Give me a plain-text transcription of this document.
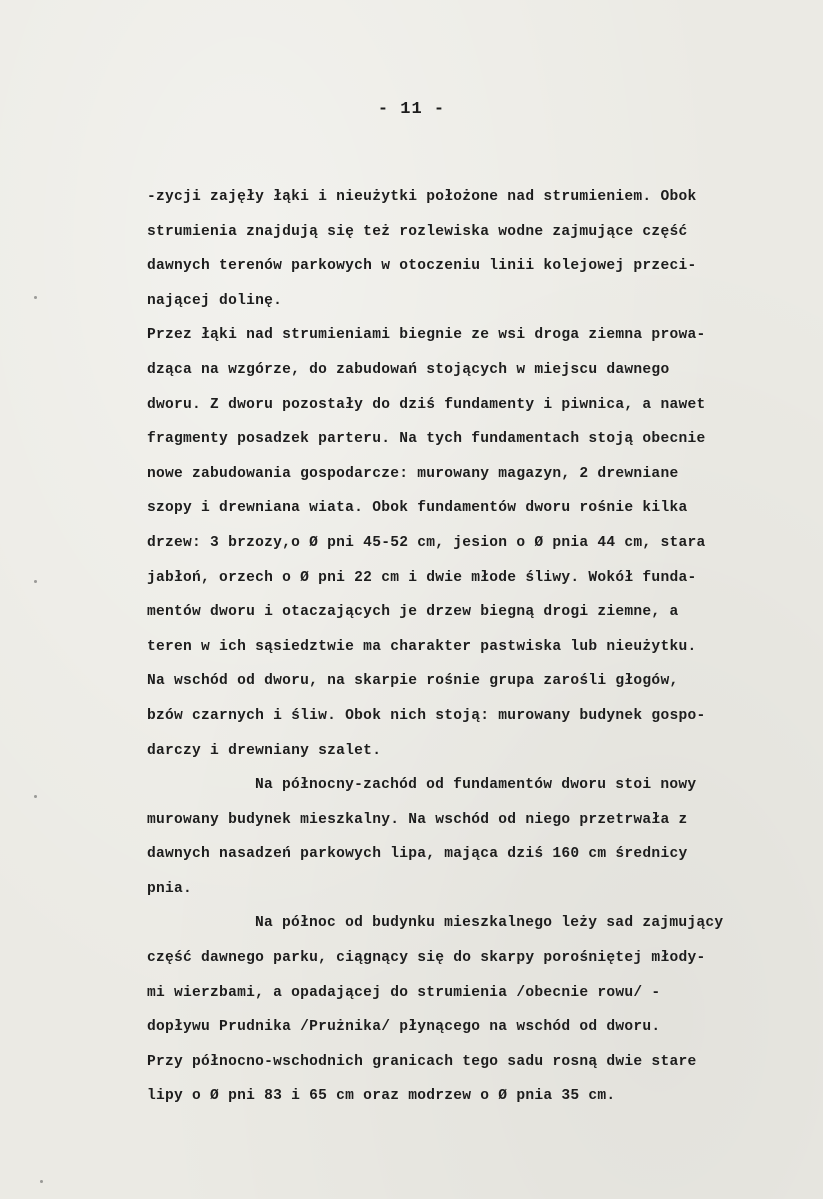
- 11 -
-zycji zajęły łąki i nieużytki położone nad strumieniem. Obok
strumienia znajdują się też rozlewiska wodne zajmujące część
dawnych terenów parkowych w otoczeniu linii kolejowej przeci-
nającej dolinę.
Przez łąki nad strumieniami biegnie ze wsi droga ziemna prowa-
dząca na wzgórze, do zabudowań stojących w miejscu dawnego
dworu. Z dworu pozostały do dziś fundamenty i piwnica, a nawet
fragmenty posadzek parteru. Na tych fundamentach stoją obecnie
nowe zabudowania gospodarcze: murowany magazyn, 2 drewniane
szopy i drewniana wiata. Obok fundamentów dworu rośnie kilka
drzew: 3 brzozy,o Ø pni 45-52 cm, jesion o Ø pnia 44 cm, stara
jabłoń, orzech o Ø pni 22 cm i dwie młode śliwy. Wokół funda-
mentów dworu i otaczających je drzew biegną drogi ziemne, a
teren w ich sąsiedztwie ma charakter pastwiska lub nieużytku.
Na wschód od dworu, na skarpie rośnie grupa zarośli głogów,
bzów czarnych i śliw. Obok nich stoją: murowany budynek gospo-
darczy i drewniany szalet.
Na północny-zachód od fundamentów dworu stoi nowy
murowany budynek mieszkalny. Na wschód od niego przetrwała z
dawnych nasadzeń parkowych lipa, mająca dziś 160 cm średnicy
pnia.
Na północ od budynku mieszkalnego leży sad zajmujący
część dawnego parku, ciągnący się do skarpy porośniętej młody-
mi wierzbami, a opadającej do strumienia /obecnie rowu/ -
dopływu Prudnika /Prużnika/ płynącego na wschód od dworu.
Przy północno-wschodnich granicach tego sadu rosną dwie stare
lipy o Ø pni 83 i 65 cm oraz modrzew o Ø pnia 35 cm.
